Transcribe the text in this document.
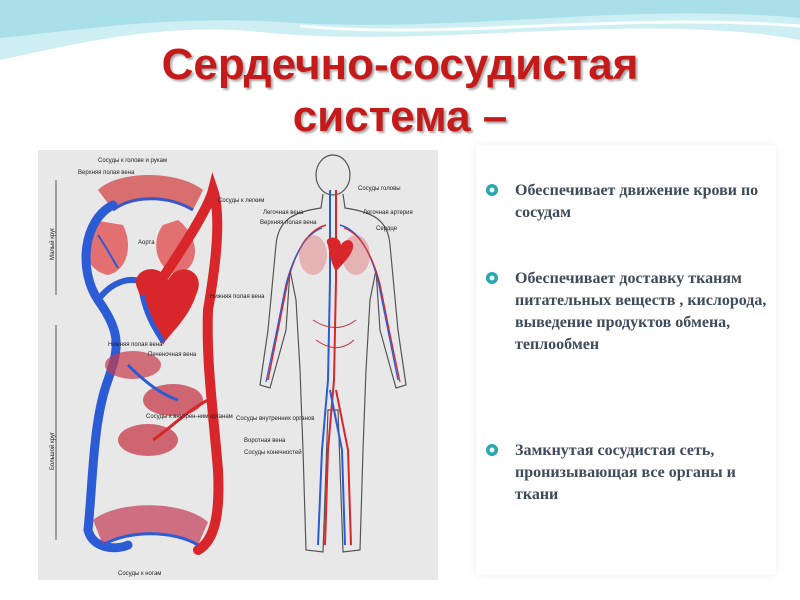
Сердечно-сосудистая
система –
Малый круг
Большой круг
Сосуды к голове и рукам
Верхняя полая вена
Сосуды к легким
Аорта
Нижняя полая вена
Печеночная вена
Сосуды к внутрен-ним органам
Сосуды к ногам
Сосуды головы
Легочная вена
Верхняя полая вена
Легочная артерия
Сердце
Нижняя полая вена
Сосуды внутренних органов
Воротная вена
Сосуды конечностей
Обеспечивает движение крови по сосудам
Обеспечивает доставку тканям питательных веществ , кислорода, выведение продуктов обмена, теплообмен
Замкнутая сосудистая сеть, пронизывающая все органы и ткани
